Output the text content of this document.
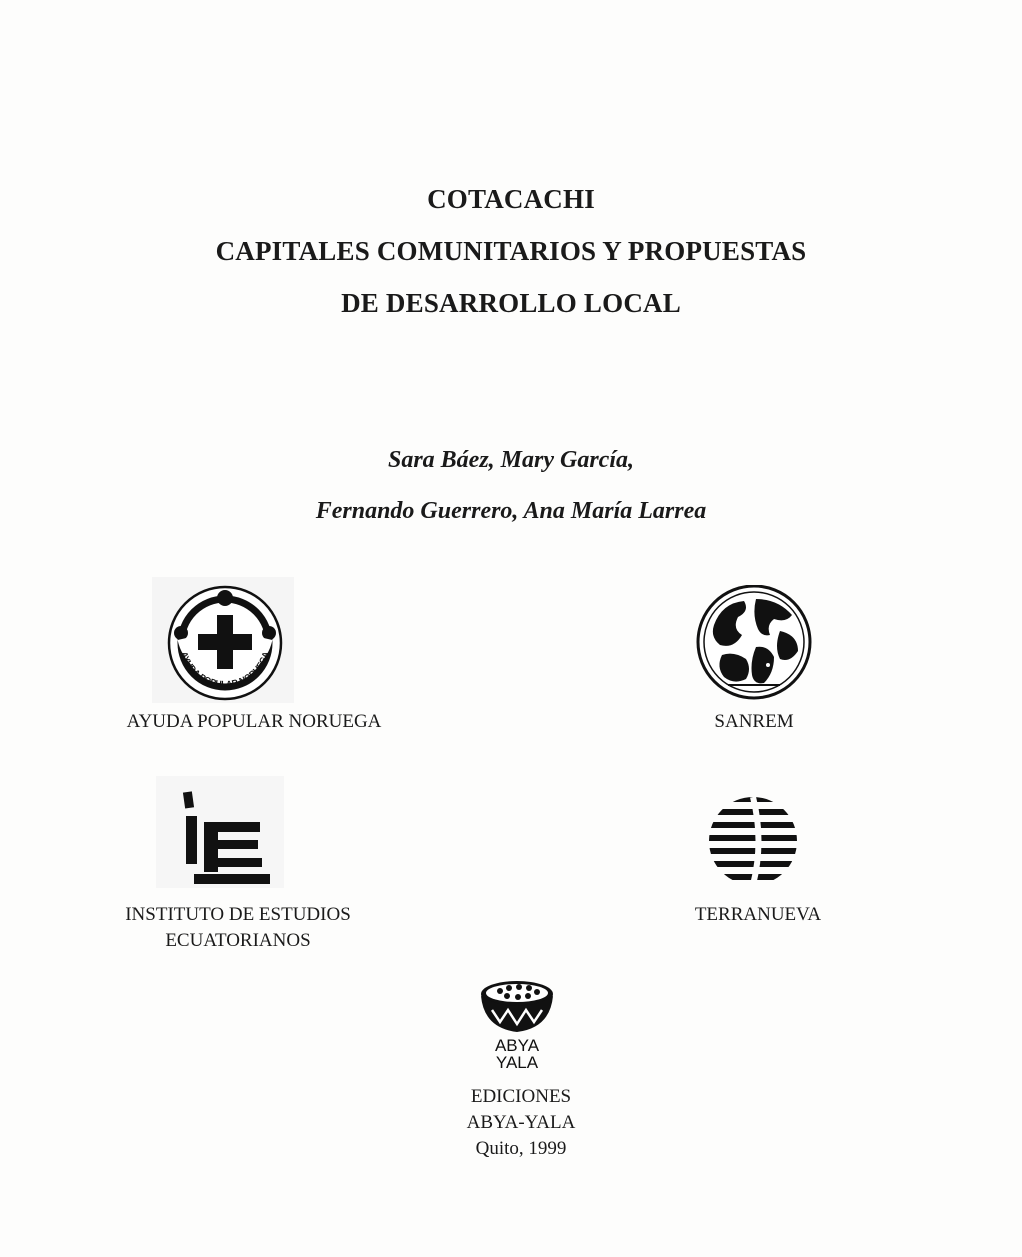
COTACACHI
CAPITALES COMUNITARIOS Y PROPUESTAS
DE DESARROLLO LOCAL
Sara Báez, Mary García,
Fernando Guerrero, Ana María Larrea
AYUDA POPULAR NORUEGA
AYUDA POPULAR NORUEGA	SANREM
INSTITUTO DE ESTUDIOS
ECUATORIANOS
TERRANUEVA
ABYA
YALA
EDICIONES
ABYA-YALA
Quito, 1999
